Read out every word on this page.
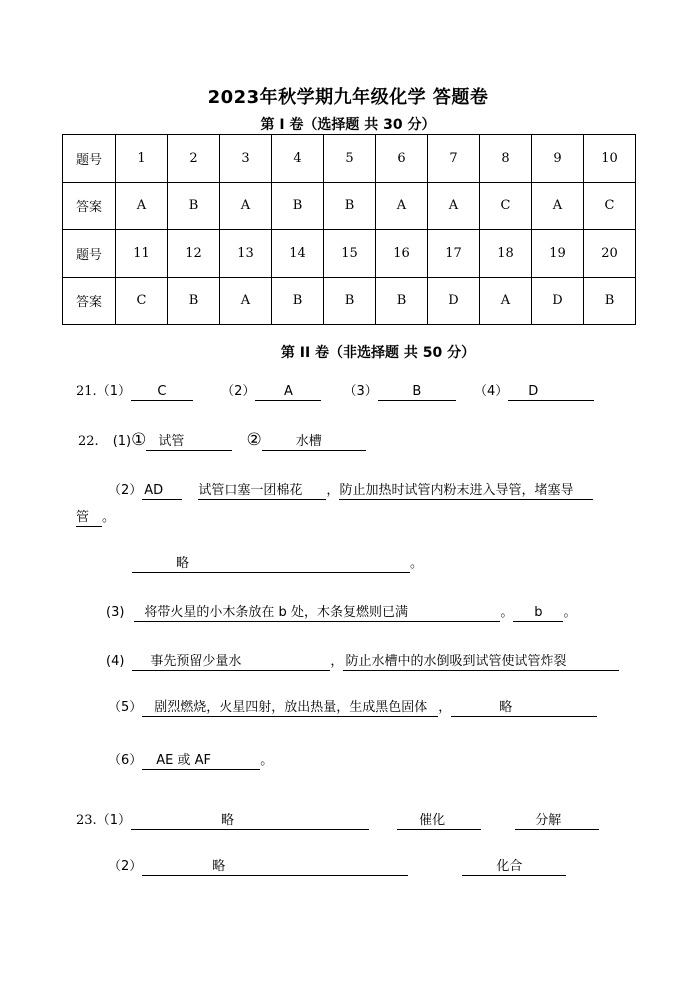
2023年秋学期九年级化学 答题卷
第 I 卷（选择题 共 30 分）
题号	1	2	3	4	5	6	7	8	9	10
答案	A	B	A	B	B	A	A	C	A	C
题号	11	12	13	14	15	16	17	18	19	20
答案	C	B	A	B	B	B	D	A	D	B
第 II 卷（非选择题 共 50 分）
21.（1） C	（2） A	（3）	B	（4） D
22. (1)① 试管	②	水槽
（2） AD	试管口塞一团棉花 ，防止加热时试管内粉末进入导管，堵塞导
管 。
略	。
(3) 将带火星的小木条放在 b 处，木条复燃则已满	。 b 。
(4) 事先预留少量水	， 防止水槽中的水倒吸到试管使试管炸裂
（5） 剧烈燃烧，火星四射，放出热量，生成黑色固体 ，	略
（6） AE 或 AF	。
23.（1）	略	催化	分解
（2）	略	化合
